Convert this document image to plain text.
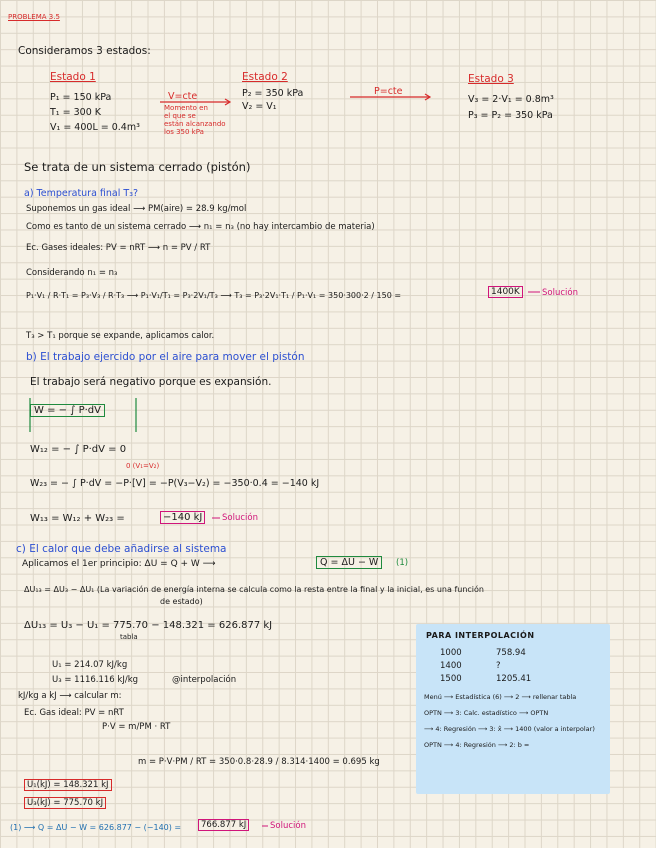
PROBLEMA 3.5
Consideramos 3 estados:
Estado 1
P₁ = 150 kPa
T₁ = 300 K
V₁ = 400L = 0.4m³
V=cte
Momento en
el que se
están alcanzando
los 350 kPa
Estado 2
P₂ = 350 kPa
V₂ = V₁
P=cte
Estado 3
V₃ = 2·V₁ = 0.8m³
P₃ = P₂ = 350 kPa
Se trata de un sistema cerrado (pistón)
a) Temperatura final T₃?
Suponemos un gas ideal ⟶ PM(aire) = 28.9 kg/mol
Como es tanto de un sistema cerrado ⟶ n₁ = n₃ (no hay intercambio de materia)
Ec. Gases ideales: PV = nRT ⟶ n = PV / RT
Considerando n₁ = n₃
P₁·V₁ / R·T₁ = P₃·V₃ / R·T₃ ⟶ P₁·V₁/T₁ = P₃·2V₁/T₃ ⟶ T₃ = P₃·2V₁·T₁ / P₁·V₁ = 350·300·2 / 150 =	1400K	Solución
T₃ > T₁ porque se expande, aplicamos calor.
b) El trabajo ejercido por el aire para mover el pistón
El trabajo será negativo porque es expansión.
W = − ∫ P·dV
W₁₂ = − ∫ P·dV = 0
0 (V₁=V₂)
W₂₃ = − ∫ P·dV = −P·[V] = −P(V₃−V₂) = −350·0.4 = −140 kJ
W₁₃ = W₁₂ + W₂₃ =	−140 kJ	Solución
c) El calor que debe añadirse al sistema
Aplicamos el 1er principio: ΔU = Q + W ⟶	Q = ΔU − W	(1)
ΔU₁₃ = ΔU₃ − ΔU₁ (La variación de energía interna se calcula como la resta entre la final y la inicial, es una función
de estado)
ΔU₁₃ = U₃ − U₁ = 775.70 − 148.321 = 626.877 kJ
tabla
U₁ = 214.07 kJ/kg
U₃ = 1116.116 kJ/kg	@interpolación
kJ/kg a kJ ⟶ calcular m:
Ec. Gas ideal: PV = nRT
P·V = m/PM · RT
m = P·V·PM / RT = 350·0.8·28.9 / 8.314·1400 = 0.695 kg
U₁(kJ) = 148.321 kJ
U₃(kJ) = 775.70 kJ
(1) ⟶ Q = ΔU − W = 626.877 − (−140) =	766.877 kJ	Solución
PARA INTERPOLACIÓN
1000	758.94
1400	?
1500	1205.41
Menú ⟶ Estadística (6) ⟶ 2 ⟶ rellenar tabla
OPTN ⟶ 3: Calc. estadístico ⟶ OPTN
⟶ 4: Regresión ⟶ 3: x̂ ⟶ 1400 (valor a interpolar)
OPTN ⟶ 4: Regresión ⟶ 2: b =
